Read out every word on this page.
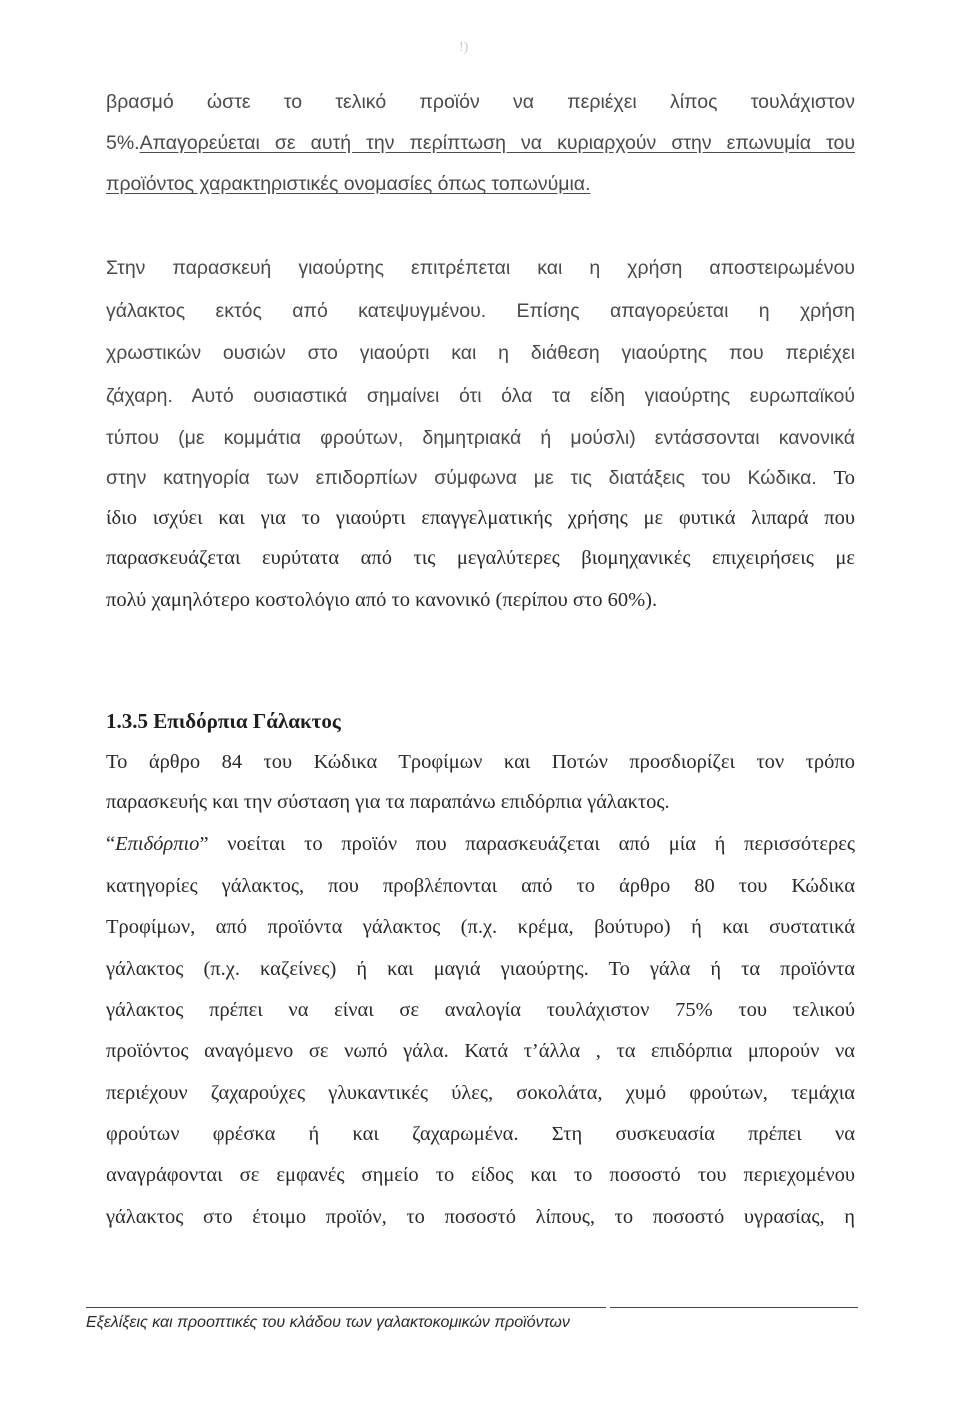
!)
βρασμό ώστε το τελικό προϊόν να περιέχει λίπος τουλάχιστον
5%.Απαγορεύεται σε αυτή την περίπτωση να κυριαρχούν στην επωνυμία του
προϊόντος χαρακτηριστικές ονομασίες όπως τοπωνύμια.
Στην παρασκευή γιαούρτης επιτρέπεται και η χρήση αποστειρωμένου
γάλακτος εκτός από κατεψυγμένου. Επίσης απαγορεύεται η χρήση
χρωστικών ουσιών στο γιαούρτι και η διάθεση γιαούρτης που περιέχει
ζάχαρη. Αυτό ουσιαστικά σημαίνει ότι όλα τα είδη γιαούρτης ευρωπαϊκού
τύπου (με κομμάτια φρούτων, δημητριακά ή μούσλι) εντάσσονται κανονικά
στην κατηγορία των επιδορπίων σύμφωνα με τις διατάξεις του Κώδικα. Το
ίδιο ισχύει και για το γιαούρτι επαγγελματικής χρήσης με φυτικά λιπαρά που
παρασκευάζεται ευρύτατα από τις μεγαλύτερες βιομηχανικές επιχειρήσεις με
πολύ χαμηλότερο κοστολόγιο από το κανονικό (περίπου στο 60%).
1.3.5 Επιδόρπια Γάλακτος
Το άρθρο 84 του Κώδικα Τροφίμων και Ποτών προσδιορίζει τον τρόπο
παρασκευής και την σύσταση για τα παραπάνω επιδόρπια γάλακτος.
“Επιδόρπιο” νοείται το προϊόν που παρασκευάζεται από μία ή περισσότερες
κατηγορίες γάλακτος, που προβλέπονται από το άρθρο 80 του Κώδικα
Τροφίμων, από προϊόντα γάλακτος (π.χ. κρέμα, βούτυρο) ή και συστατικά
γάλακτος (π.χ. καζείνες) ή και μαγιά γιαούρτης. Το γάλα ή τα προϊόντα
γάλακτος πρέπει να είναι σε αναλογία τουλάχιστον 75% του τελικού
προϊόντος αναγόμενο σε νωπό γάλα. Κατά τ’άλλα , τα επιδόρπια μπορούν να
περιέχουν ζαχαρούχες γλυκαντικές ύλες, σοκολάτα, χυμό φρούτων, τεμάχια
φρούτων φρέσκα ή και ζαχαρωμένα. Στη συσκευασία πρέπει να
αναγράφονται σε εμφανές σημείο το είδος και το ποσοστό του περιεχομένου
γάλακτος στο έτοιμο προϊόν, το ποσοστό λίπους, το ποσοστό υγρασίας, η
Εξελίξεις και προοπτικές του κλάδου των γαλακτοκομικών προϊόντων
